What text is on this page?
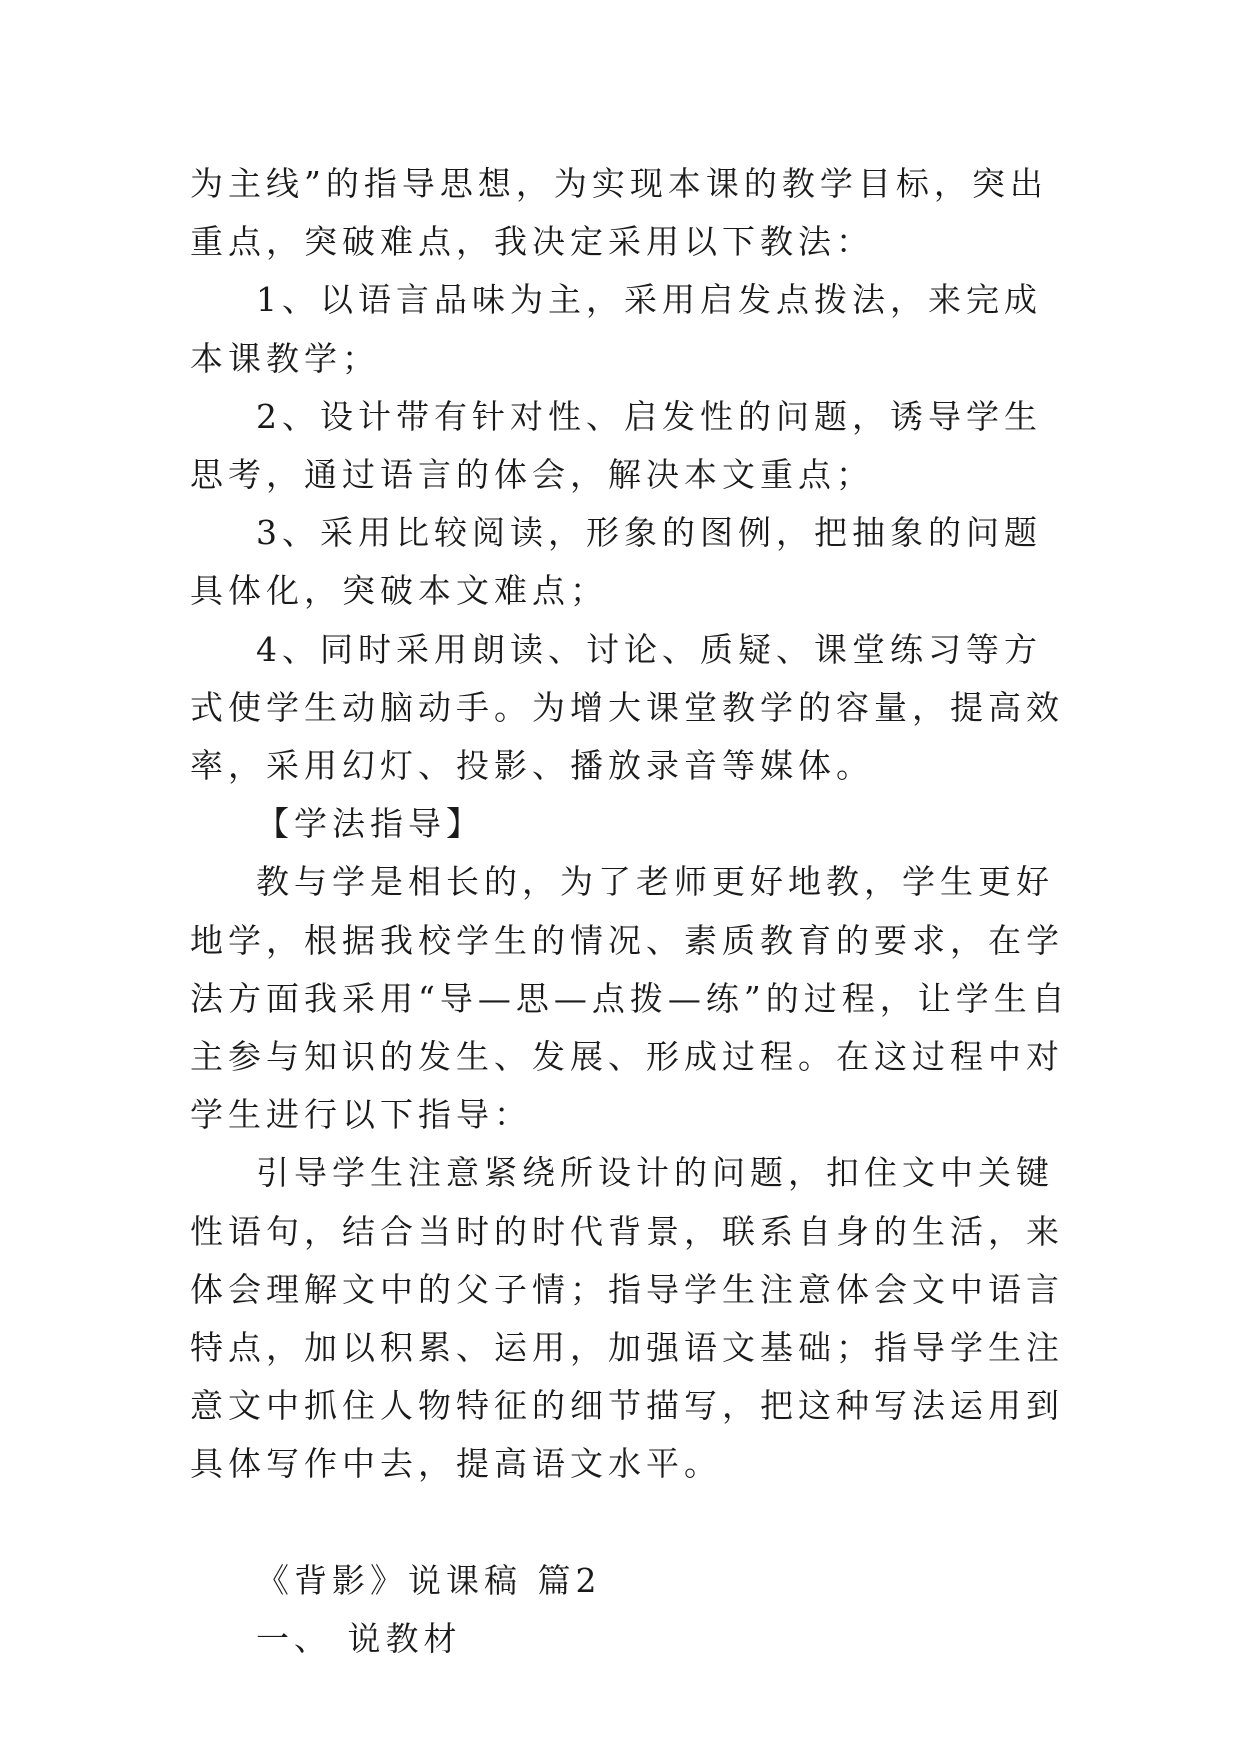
为主线”的指导思想，为实现本课的教学目标，突出重点，突破难点，我决定采用以下教法：

1、以语言品味为主，采用启发点拨法，来完成本课教学；

2、设计带有针对性、启发性的问题，诱导学生思考，通过语言的体会，解决本文重点；

3、采用比较阅读，形象的图例，把抽象的问题具体化，突破本文难点；

4、同时采用朗读、讨论、质疑、课堂练习等方式使学生动脑动手。为增大课堂教学的容量，提高效率，采用幻灯、投影、播放录音等媒体。

【学法指导】

教与学是相长的，为了老师更好地教，学生更好地学，根据我校学生的情况、素质教育的要求，在学法方面我采用“导—思—点拨—练”的过程，让学生自主参与知识的发生、发展、形成过程。在这过程中对学生进行以下指导：

引导学生注意紧绕所设计的问题，扣住文中关键性语句，结合当时的时代背景，联系自身的生活，来体会理解文中的父子情；指导学生注意体会文中语言特点，加以积累、运用，加强语文基础；指导学生注意文中抓住人物特征的细节描写，把这种写法运用到具体写作中去，提高语文水平。

《背影》说课稿 篇2

一、 说教材
